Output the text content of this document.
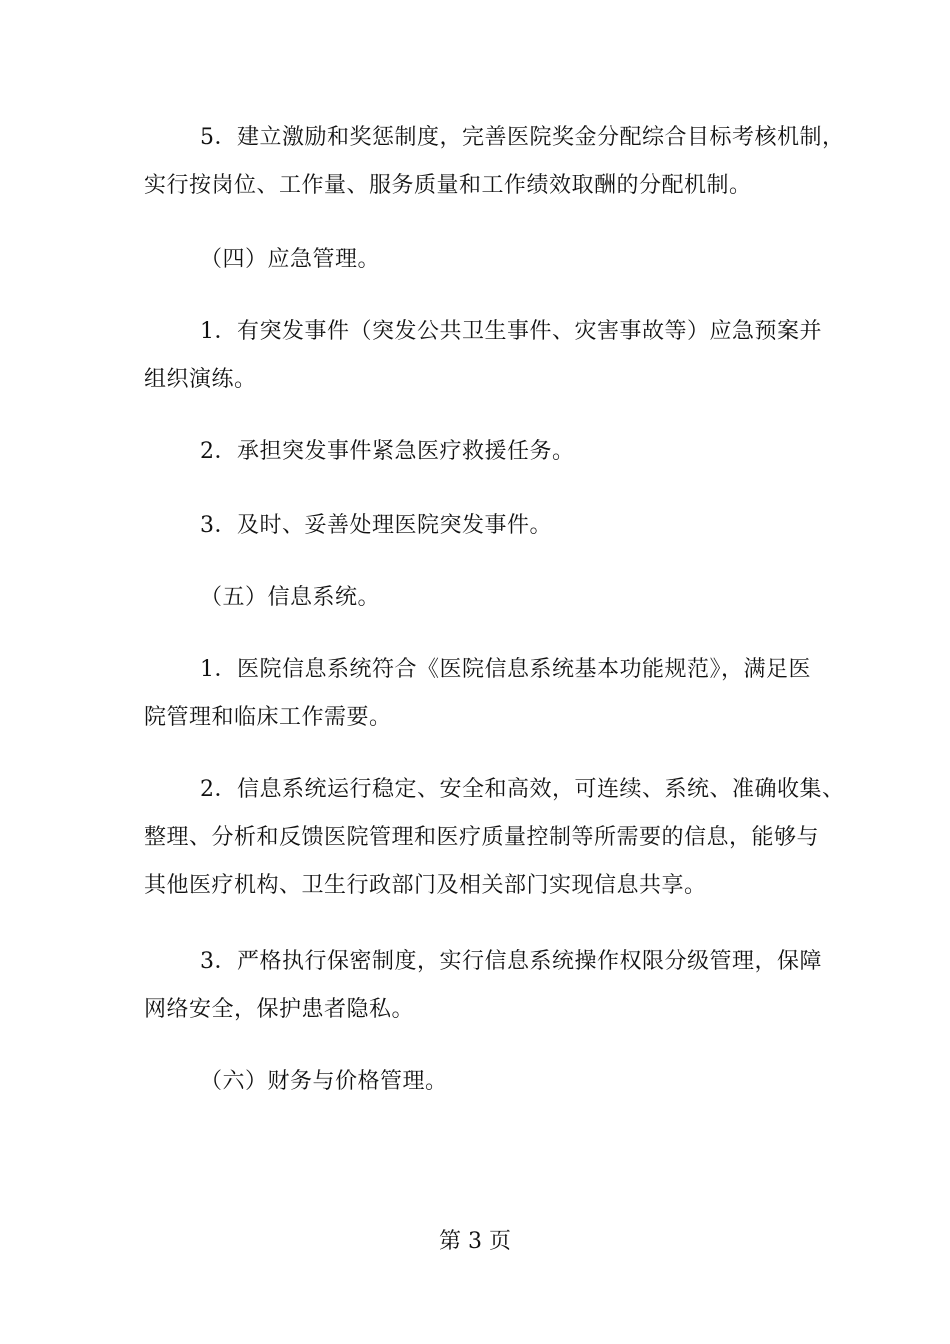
5．建立激励和奖惩制度，完善医院奖金分配综合目标考核机制，
实行按岗位、工作量、服务质量和工作绩效取酬的分配机制。
（四）应急管理。
1．有突发事件（突发公共卫生事件、灾害事故等）应急预案并
组织演练。
2．承担突发事件紧急医疗救援任务。
3．及时、妥善处理医院突发事件。
（五）信息系统。
1．医院信息系统符合《医院信息系统基本功能规范》，满足医
院管理和临床工作需要。
2．信息系统运行稳定、安全和高效，可连续、系统、准确收集、
整理、分析和反馈医院管理和医疗质量控制等所需要的信息，能够与
其他医疗机构、卫生行政部门及相关部门实现信息共享。
3．严格执行保密制度，实行信息系统操作权限分级管理，保障
网络安全，保护患者隐私。
（六）财务与价格管理。
第 3 页
